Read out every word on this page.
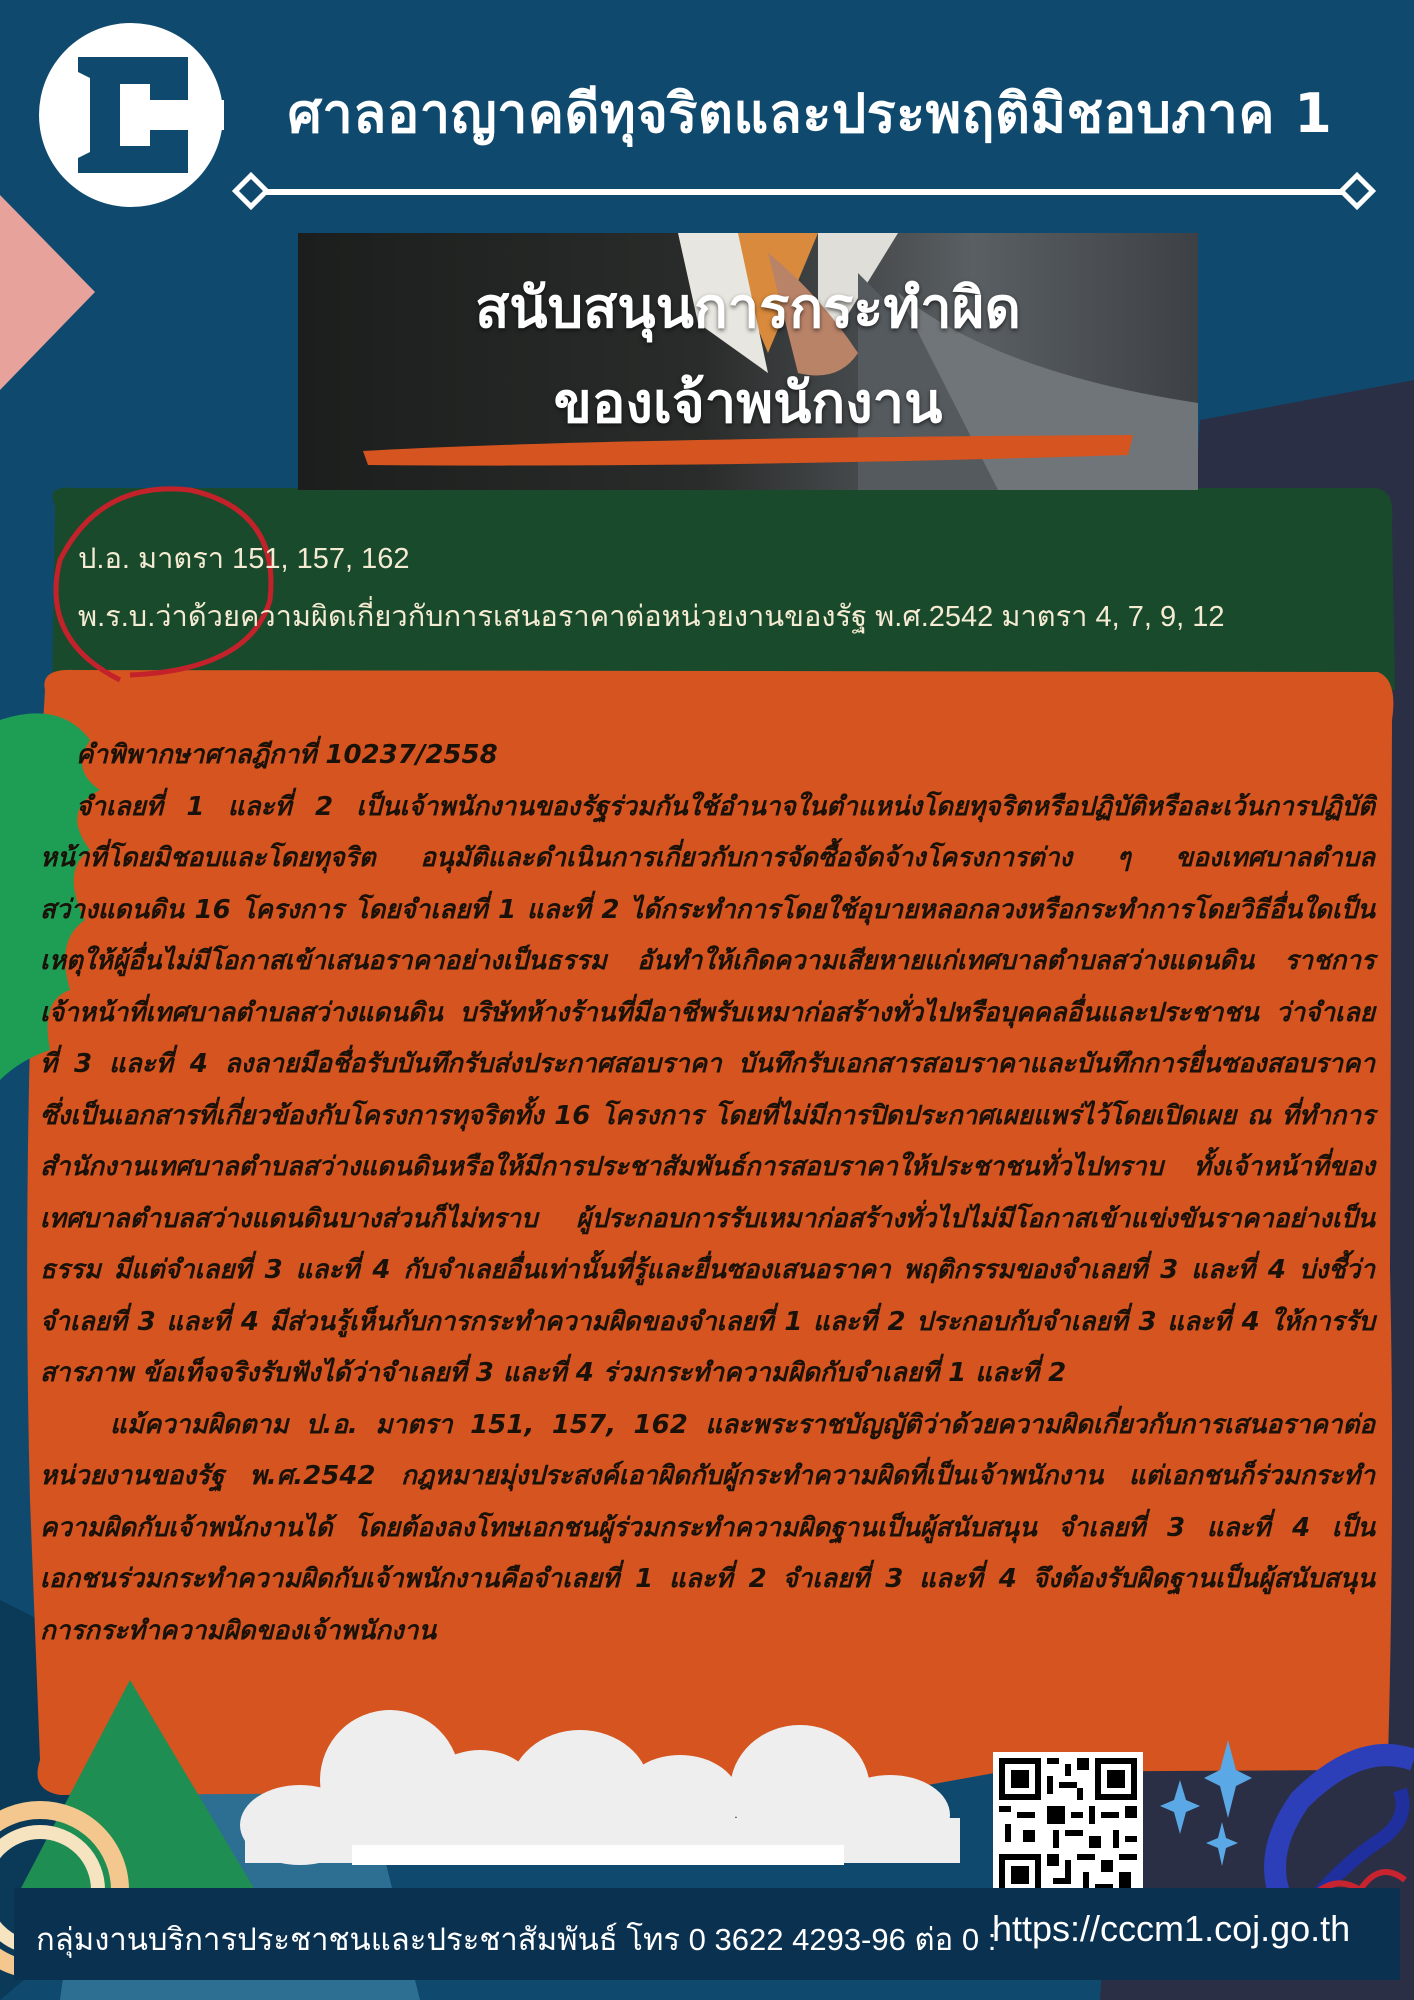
ศาลอาญาคดีทุจริตและประพฤติมิชอบภาค 1
สนับสนุนการกระทำผิด
ของเจ้าพนักงาน
ป.อ. มาตรา 151, 157, 162
พ.ร.บ.ว่าด้วยความผิดเกี่ยวกับการเสนอราคาต่อหน่วยงานของรัฐ พ.ศ.2542 มาตรา 4, 7, 9, 12

คำพิพากษาศาลฎีกาที่ 10237/2558

จำเลยที่ 1 และที่ 2 เป็นเจ้าพนักงานของรัฐร่วมกันใช้อำนาจในตำแหน่งโดยทุจริตหรือปฏิบัติหรือละเว้นการปฏิบัติหน้าที่โดยมิชอบและโดยทุจริต อนุมัติและดำเนินการเกี่ยวกับการจัดซื้อจัดจ้างโครงการต่าง ๆ ของเทศบาลตำบลสว่างแดนดิน 16 โครงการ โดยจำเลยที่ 1 และที่ 2 ได้กระทำการโดยใช้อุบายหลอกลวงหรือกระทำการโดยวิธีอื่นใดเป็นเหตุให้ผู้อื่นไม่มีโอกาสเข้าเสนอราคาอย่างเป็นธรรม อันทำให้เกิดความเสียหายแก่เทศบาลตำบลสว่างแดนดิน ราชการ เจ้าหน้าที่เทศบาลตำบลสว่างแดนดิน บริษัทห้างร้านที่มีอาชีพรับเหมาก่อสร้างทั่วไปหรือบุคคลอื่นและประชาชน ว่าจำเลยที่ 3 และที่ 4 ลงลายมือชื่อรับบันทึกรับส่งประกาศสอบราคา บันทึกรับเอกสารสอบราคาและบันทึกการยื่นซองสอบราคา ซึ่งเป็นเอกสารที่เกี่ยวข้องกับโครงการทุจริตทั้ง 16 โครงการ โดยที่ไม่มีการปิดประกาศเผยแพร่ไว้โดยเปิดเผย ณ ที่ทำการสำนักงานเทศบาลตำบลสว่างแดนดินหรือให้มีการประชาสัมพันธ์การสอบราคาให้ประชาชนทั่วไปทราบ ทั้งเจ้าหน้าที่ของเทศบาลตำบลสว่างแดนดินบางส่วนก็ไม่ทราบ ผู้ประกอบการรับเหมาก่อสร้างทั่วไปไม่มีโอกาสเข้าแข่งขันราคาอย่างเป็นธรรม มีแต่จำเลยที่ 3 และที่ 4 กับจำเลยอื่นเท่านั้นที่รู้และยื่นซองเสนอราคา พฤติกรรมของจำเลยที่ 3 และที่ 4 บ่งชี้ว่าจำเลยที่ 3 และที่ 4 มีส่วนรู้เห็นกับการกระทำความผิดของจำเลยที่ 1 และที่ 2 ประกอบกับจำเลยที่ 3 และที่ 4 ให้การรับสารภาพ ข้อเท็จจริงรับฟังได้ว่าจำเลยที่ 3 และที่ 4 ร่วมกระทำความผิดกับจำเลยที่ 1 และที่ 2

แม้ความผิดตาม ป.อ. มาตรา 151, 157, 162 และพระราชบัญญัติว่าด้วยความผิดเกี่ยวกับการเสนอราคาต่อหน่วยงานของรัฐ พ.ศ.2542 กฎหมายมุ่งประสงค์เอาผิดกับผู้กระทำความผิดที่เป็นเจ้าพนักงาน แต่เอกชนก็ร่วมกระทำความผิดกับเจ้าพนักงานได้ โดยต้องลงโทษเอกชนผู้ร่วมกระทำความผิดฐานเป็นผู้สนับสนุน จำเลยที่ 3 และที่ 4 เป็นเอกชนร่วมกระทำความผิดกับเจ้าพนักงานคือจำเลยที่ 1 และที่ 2 จำเลยที่ 3 และที่ 4 จึงต้องรับผิดฐานเป็นผู้สนับสนุนการกระทำความผิดของเจ้าพนักงาน

กลุ่มงานบริการประชาชนและประชาสัมพันธ์ โทร 0 3622 4293-96 ต่อ 0 :
https://cccm1.coj.go.th
